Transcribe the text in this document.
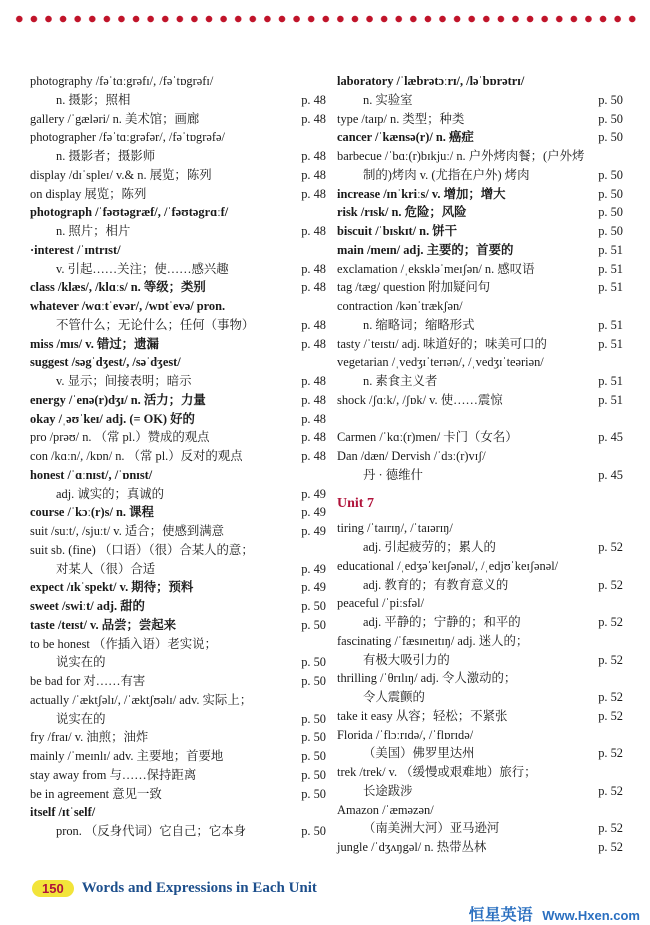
photography /fəˈtɑːgrəfɪ/, /fəˈtɒgrəfɪ/
n. 摄影；照相	p. 48
gallery /ˈgæləri/ n. 美术馆；画廊	p. 48
photographer /fəˈtɑːgrəfər/, /fəˈtɒgrəfə/
n. 摄影者；摄影师	p. 48
display /dɪˈspleɪ/ v.& n. 展览；陈列	p. 48
on display 展览；陈列	p. 48
photograph /ˈfəʊtəgræf/, /ˈfəʊtəgrɑːf/
n. 照片；相片	p. 48
·interest /ˈɪntrɪst/
v. 引起……关注；使……感兴趣	p. 48
class /klæs/, /klɑːs/ n. 等级；类别	p. 48
whatever /wɑːtˈevər/, /wɒtˈevə/ pron.
不管什么；无论什么；任何（事物）	p. 48
miss /mɪs/ v. 错过；遗漏	p. 48
suggest /səgˈdʒest/, /səˈdʒest/
v. 显示；间接表明；暗示	p. 48
energy /ˈenə(r)dʒɪ/ n. 活力；力量	p. 48
okay /ˌəʊˈkeɪ/ adj. (= OK) 好的	p. 48
pro /prəʊ/ n. （常 pl.）赞成的观点	p. 48
con /kɑːn/, /kɒn/ n. （常 pl.）反对的观点	p. 48
honest /ˈɑːnɪst/, /ˈɒnɪst/
adj. 诚实的；真诚的	p. 49
course /ˈkɔː(r)s/ n. 课程	p. 49
suit /suːt/, /sjuːt/ v. 适合；使感到满意	p. 49
suit sb. (fine) （口语）（很）合某人的意；
对某人（很）合适	p. 49
expect /ɪkˈspekt/ v. 期待；预料	p. 49
sweet /swiːt/ adj. 甜的	p. 50
taste /teɪst/ v. 品尝；尝起来	p. 50
to be honest （作插入语）老实说；
说实在的	p. 50
be bad for 对……有害	p. 50
actually /ˈæktʃəlɪ/, /ˈæktʃʊəlɪ/ adv. 实际上；
说实在的	p. 50
fry /fraɪ/ v. 油煎；油炸	p. 50
mainly /ˈmeɪnlɪ/ adv. 主要地；首要地	p. 50
stay away from 与……保持距离	p. 50
be in agreement 意见一致	p. 50
itself /ɪtˈself/
pron. （反身代词）它自己；它本身	p. 50
laboratory /ˈlæbrətɔːrɪ/, /ləˈbɒrətrɪ/
n. 实验室	p. 50
type /taɪp/ n. 类型；种类	p. 50
cancer /ˈkænsə(r)/ n. 癌症	p. 50
barbecue /ˈbɑː(r)bɪkjuː/ n. 户外烤肉餐；(户外烤
制的)烤肉 v. (尤指在户外) 烤肉	p. 50
increase /ɪnˈkriːs/ v. 增加；增大	p. 50
risk /rɪsk/ n. 危险；风险	p. 50
biscuit /ˈbɪskɪt/ n. 饼干	p. 50
main /meɪn/ adj. 主要的；首要的	p. 51
exclamation /ˌekskləˈmeɪʃən/ n. 感叹语	p. 51
tag /tæg/ question 附加疑问句	p. 51
contraction /kənˈtrækʃən/
n. 缩略词；缩略形式	p. 51
tasty /ˈteɪstɪ/ adj. 味道好的；味美可口的	p. 51
vegetarian /ˌvedʒɪˈterɪən/, /ˌvedʒɪˈteəriən/
n. 素食主义者	p. 51
shock /ʃɑːk/, /ʃɒk/ v. 使……震惊	p. 51
Carmen /ˈkɑː(r)men/ 卡门（女名）	p. 45
Dan /dæn/ Dervish /ˈdɜː(r)vɪʃ/
丹 · 德维什	p. 45
Unit 7
tiring /ˈtaɪrɪŋ/, /ˈtaɪərɪŋ/
adj. 引起疲劳的；累人的	p. 52
educational /ˌedʒəˈkeɪʃənəl/, /ˌedjʊˈkeɪʃənəl/
adj. 教育的；有教育意义的	p. 52
peaceful /ˈpiːsfəl/
adj. 平静的；宁静的；和平的	p. 52
fascinating /ˈfæsɪneɪtɪŋ/ adj. 迷人的；
有极大吸引力的	p. 52
thrilling /ˈθrɪlɪŋ/ adj. 令人激动的；
令人震颤的	p. 52
take it easy 从容；轻松；不紧张	p. 52
Florida /ˈflɔːrɪdə/, /ˈflɒrɪdə/
（美国）佛罗里达州	p. 52
trek /trek/ v. （缓慢或艰难地）旅行；
长途跋涉	p. 52
Amazon /ˈæməzən/
（南美洲大河）亚马逊河	p. 52
jungle /ˈdʒʌŋgəl/ n. 热带丛林	p. 52
150	Words and Expressions in Each Unit
恒星英语 Www.Hxen.com
